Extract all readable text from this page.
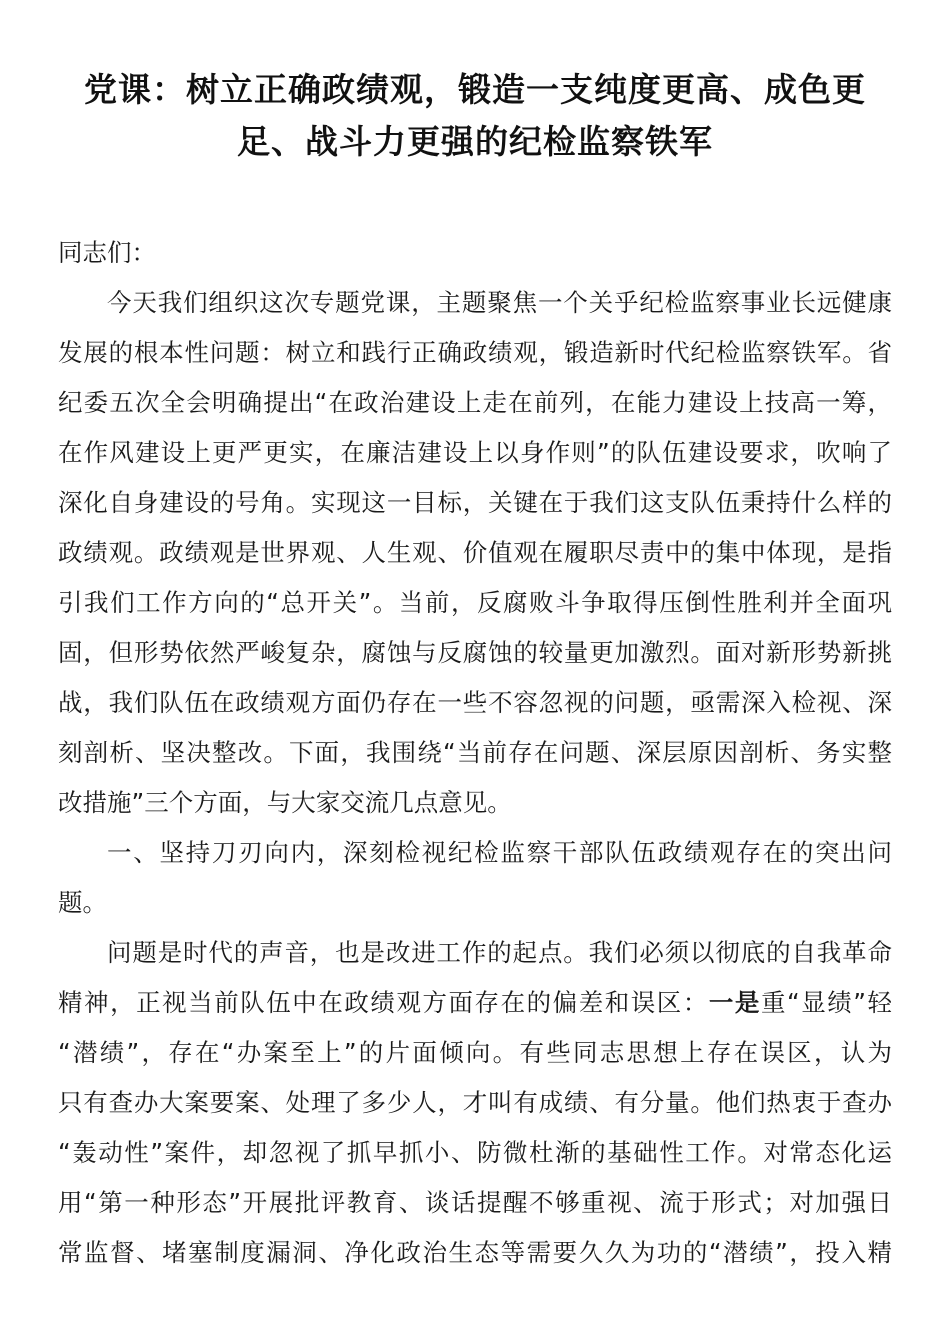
党课：树立正确政绩观，锻造一支纯度更高、成色更
足、战斗力更强的纪检监察铁军
同志们：
今天我们组织这次专题党课，主题聚焦一个关乎纪检监察事业长远健康
发展的根本性问题：树立和践行正确政绩观，锻造新时代纪检监察铁军。省
纪委五次全会明确提出“在政治建设上走在前列，在能力建设上技高一筹，
在作风建设上更严更实，在廉洁建设上以身作则”的队伍建设要求，吹响了
深化自身建设的号角。实现这一目标，关键在于我们这支队伍秉持什么样的
政绩观。政绩观是世界观、人生观、价值观在履职尽责中的集中体现，是指
引我们工作方向的“总开关”。当前，反腐败斗争取得压倒性胜利并全面巩
固，但形势依然严峻复杂，腐蚀与反腐蚀的较量更加激烈。面对新形势新挑
战，我们队伍在政绩观方面仍存在一些不容忽视的问题，亟需深入检视、深
刻剖析、坚决整改。下面，我围绕“当前存在问题、深层原因剖析、务实整
改措施”三个方面，与大家交流几点意见。
一、坚持刀刃向内，深刻检视纪检监察干部队伍政绩观存在的突出问
题。
问题是时代的声音，也是改进工作的起点。我们必须以彻底的自我革命
精神，正视当前队伍中在政绩观方面存在的偏差和误区：一是重“显绩”轻
“潜绩”，存在“办案至上”的片面倾向。有些同志思想上存在误区，认为
只有查办大案要案、处理了多少人，才叫有成绩、有分量。他们热衷于查办
“轰动性”案件，却忽视了抓早抓小、防微杜渐的基础性工作。对常态化运
用“第一种形态”开展批评教育、谈话提醒不够重视、流于形式；对加强日
常监督、堵塞制度漏洞、净化政治生态等需要久久为功的“潜绩”，投入精
